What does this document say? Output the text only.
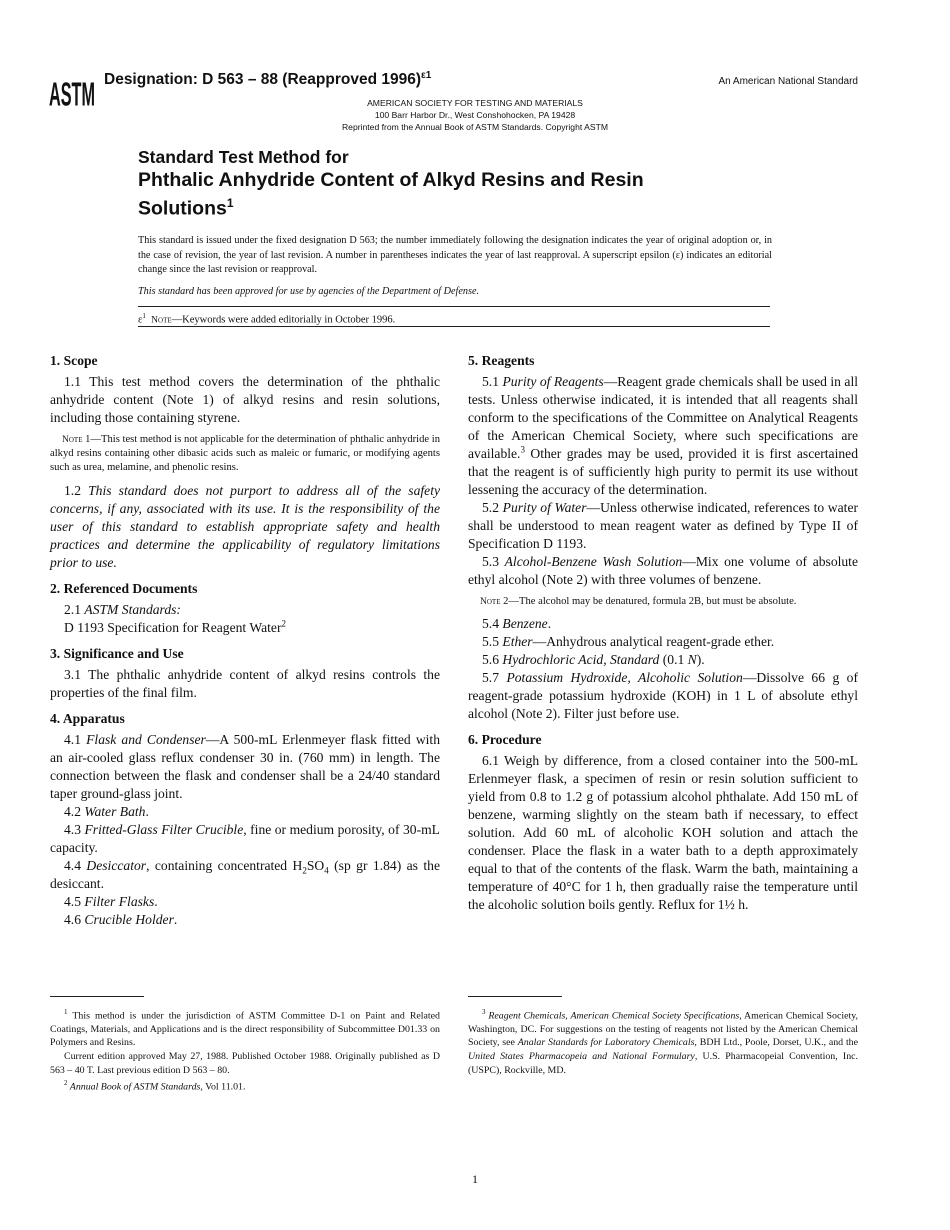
ASTM Designation: D 563 – 88 (Reapproved 1996)$^{\varepsilon 1}$
An American National Standard
AMERICAN SOCIETY FOR TESTING AND MATERIALS
100 Barr Harbor Dr., West Conshohocken, PA 19428
Reprinted from the Annual Book of ASTM Standards. Copyright ASTM
Standard Test Method for
Phthalic Anhydride Content of Alkyd Resins and Resin
Solutions$^1$
This standard is issued under the fixed designation D 563; the number immediately following the designation indicates the year of original adoption or, in the case of revision, the year of last revision. A number in parentheses indicates the year of last reapproval. A superscript epsilon (ε) indicates an editorial change since the last revision or reapproval.
This standard has been approved for use by agencies of the Department of Defense.
$\varepsilon^1$ Note—Keywords were added editorially in October 1996.
1. Scope

1.1 This test method covers the determination of the phthalic anhydride content (Note 1) of alkyd resins and resin solutions, including those containing styrene.

Note 1—This test method is not applicable for the determination of phthalic anhydride in alkyd resins containing other dibasic acids such as maleic or fumaric, or modifying agents such as urea, melamine, and phenolic resins.

1.2 This standard does not purport to address all of the safety concerns, if any, associated with its use. It is the responsibility of the user of this standard to establish appropriate safety and health practices and determine the applicability of regulatory limitations prior to use.

2. Referenced Documents

2.1 ASTM Standards:

D 1193 Specification for Reagent Water$^2$

3. Significance and Use

3.1 The phthalic anhydride content of alkyd resins controls the properties of the final film.

4. Apparatus

4.1 Flask and Condenser—A 500-mL Erlenmeyer flask fitted with an air-cooled glass reflux condenser 30 in. (760 mm) in length. The connection between the flask and condenser shall be a 24/40 standard taper ground-glass joint.

4.2 Water Bath.

4.3 Fritted-Glass Filter Crucible, fine or medium porosity, of 30-mL capacity.

4.4 Desiccator, containing concentrated $H_2SO_4$ (sp gr 1.84) as the desiccant.

4.5 Filter Flasks.

4.6 Crucible Holder.

5. Reagents

5.1 Purity of Reagents—Reagent grade chemicals shall be used in all tests. Unless otherwise indicated, it is intended that all reagents shall conform to the specifications of the Committee on Analytical Reagents of the American Chemical Society, where such specifications are available.$^3$ Other grades may be used, provided it is first ascertained that the reagent is of sufficiently high purity to permit its use without lessening the accuracy of the determination.

5.2 Purity of Water—Unless otherwise indicated, references to water shall be understood to mean reagent water as defined by Type II of Specification D 1193.

5.3 Alcohol-Benzene Wash Solution—Mix one volume of absolute ethyl alcohol (Note 2) with three volumes of benzene.

Note 2—The alcohol may be denatured, formula 2B, but must be absolute.

5.4 Benzene.

5.5 Ether—Anhydrous analytical reagent-grade ether.

5.6 Hydrochloric Acid, Standard (0.1 N).

5.7 Potassium Hydroxide, Alcoholic Solution—Dissolve 66 g of reagent-grade potassium hydroxide (KOH) in 1 L of absolute ethyl alcohol (Note 2). Filter just before use.

6. Procedure

6.1 Weigh by difference, from a closed container into the 500-mL Erlenmeyer flask, a specimen of resin or resin solution sufficient to yield from 0.8 to 1.2 g of potassium alcohol phthalate. Add 150 mL of benzene, warming slightly on the steam bath if necessary, to effect solution. Add 60 mL of alcoholic KOH solution and attach the condenser. Place the flask in a water bath to a depth approximately equal to that of the contents of the flask. Warm the bath, maintaining a temperature of 40°C for 1 h, then gradually raise the temperature until the alcoholic solution boils gently. Reflux for 1½ h.

$^1$ This method is under the jurisdiction of ASTM Committee D-1 on Paint and Related Coatings, Materials, and Applications and is the direct responsibility of Subcommittee D01.33 on Polymers and Resins.

Current edition approved May 27, 1988. Published October 1988. Originally published as D 563 – 40 T. Last previous edition D 563 – 80.

$^2$ Annual Book of ASTM Standards, Vol 11.01.

$^3$ Reagent Chemicals, American Chemical Society Specifications, American Chemical Society, Washington, DC. For suggestions on the testing of reagents not listed by the American Chemical Society, see Analar Standards for Laboratory Chemicals, BDH Ltd., Poole, Dorset, U.K., and the United States Pharmacopeia and National Formulary, U.S. Pharmacopeial Convention, Inc. (USPC), Rockville, MD.

1
